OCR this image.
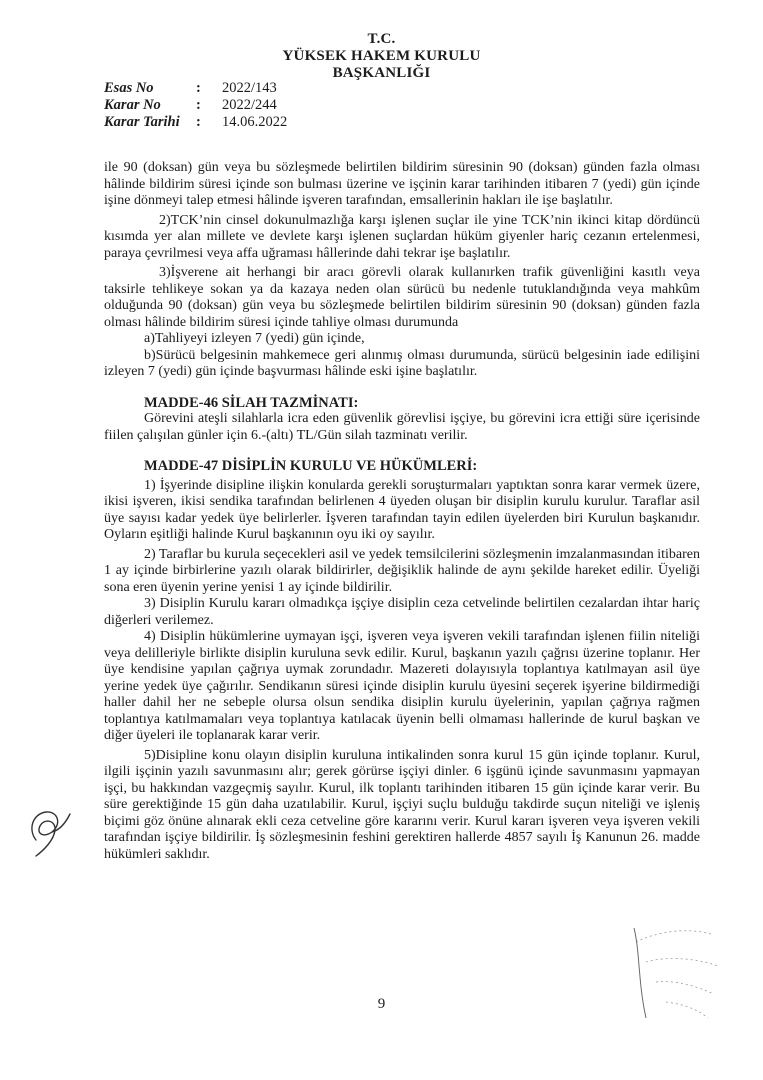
T.C.
YÜKSEK HAKEM KURULU
BAŞKANLIĞI
Esas No	:	2022/143
Karar No	:	2022/244
Karar Tarihi	:	14.06.2022

ile 90 (doksan) gün veya bu sözleşmede belirtilen bildirim süresinin 90 (doksan) günden fazla olması hâlinde bildirim süresi içinde son bulması üzerine ve işçinin karar tarihinden itibaren 7 (yedi) gün içinde işine dönmeyi talep etmesi hâlinde işveren tarafından, emsallerinin hakları ile işe başlatılır.

2)TCK’nin cinsel dokunulmazlığa karşı işlenen suçlar ile yine TCK’nin ikinci kitap dördüncü kısımda yer alan millete ve devlete karşı işlenen suçlardan hüküm giyenler hariç cezanın ertelenmesi, paraya çevrilmesi veya affa uğraması hâllerinde dahi tekrar işe başlatılır.

3)İşverene ait herhangi bir aracı görevli olarak kullanırken trafik güvenliğini kasıtlı veya taksirle tehlikeye sokan ya da kazaya neden olan sürücü bu nedenle tutuklandığında veya mahkûm olduğunda 90 (doksan) gün veya bu sözleşmede belirtilen bildirim süresinin 90 (doksan) günden fazla olması hâlinde bildirim süresi içinde tahliye olması durumunda

a)Tahliyeyi izleyen 7 (yedi) gün içinde,

b)Sürücü belgesinin mahkemece geri alınmış olması durumunda, sürücü belgesinin iade edilişini izleyen 7 (yedi) gün içinde başvurması hâlinde eski işine başlatılır.

MADDE-46 SİLAH TAZMİNATI:

Görevini ateşli silahlarla icra eden güvenlik görevlisi işçiye, bu görevini icra ettiği süre içerisinde fiilen çalışılan günler için 6.-(altı) TL/Gün silah tazminatı verilir.

MADDE-47 DİSİPLİN KURULU VE HÜKÜMLERİ:

1) İşyerinde disipline ilişkin konularda gerekli soruşturmaları yaptıktan sonra karar vermek üzere, ikisi işveren, ikisi sendika tarafından belirlenen 4 üyeden oluşan bir disiplin kurulu kurulur. Taraflar asil üye sayısı kadar yedek üye belirlerler. İşveren tarafından tayin edilen üyelerden biri Kurulun başkanıdır. Oyların eşitliği halinde Kurul başkanının oyu iki oy sayılır.

2) Taraflar bu kurula seçecekleri asil ve yedek temsilcilerini sözleşmenin imzalanmasından itibaren 1 ay içinde birbirlerine yazılı olarak bildirirler, değişiklik halinde de aynı şekilde hareket edilir. Üyeliği sona eren üyenin yerine yenisi 1 ay içinde bildirilir.

3) Disiplin Kurulu kararı olmadıkça işçiye disiplin ceza cetvelinde belirtilen cezalardan ihtar hariç diğerleri verilemez.

4) Disiplin hükümlerine uymayan işçi, işveren veya işveren vekili tarafından işlenen fiilin niteliği veya delilleriyle birlikte disiplin kuruluna sevk edilir. Kurul, başkanın yazılı çağrısı üzerine toplanır. Her üye kendisine yapılan çağrıya uymak zorundadır. Mazereti dolayısıyla toplantıya katılmayan asil üye yerine yedek üye çağırılır. Sendikanın süresi içinde disiplin kurulu üyesini seçerek işyerine bildirmediği haller dahil her ne sebeple olursa olsun sendika disiplin kurulu üyelerinin, yapılan çağrıya rağmen toplantıya katılmamaları veya toplantıya katılacak üyenin belli olmaması hallerinde de kurul başkan ve diğer üyeleri ile toplanarak karar verir.

5)Disipline konu olayın disiplin kuruluna intikalinden sonra kurul 15 gün içinde toplanır. Kurul, ilgili işçinin yazılı savunmasını alır; gerek görürse işçiyi dinler. 6 işgünü içinde savunmasını yapmayan işçi, bu hakkından vazgeçmiş sayılır. Kurul, ilk toplantı tarihinden itibaren 15 gün içinde karar verir. Bu süre gerektiğinde 15 gün daha uzatılabilir. Kurul, işçiyi suçlu bulduğu takdirde suçun niteliği ve işleniş biçimi göz önüne alınarak ekli ceza cetveline göre kararını verir. Kurul kararı işveren veya işveren vekili tarafından işçiye bildirilir. İş sözleşmesinin feshini gerektiren hallerde 4857 sayılı İş Kanunun 26. madde hükümleri saklıdır.

9
